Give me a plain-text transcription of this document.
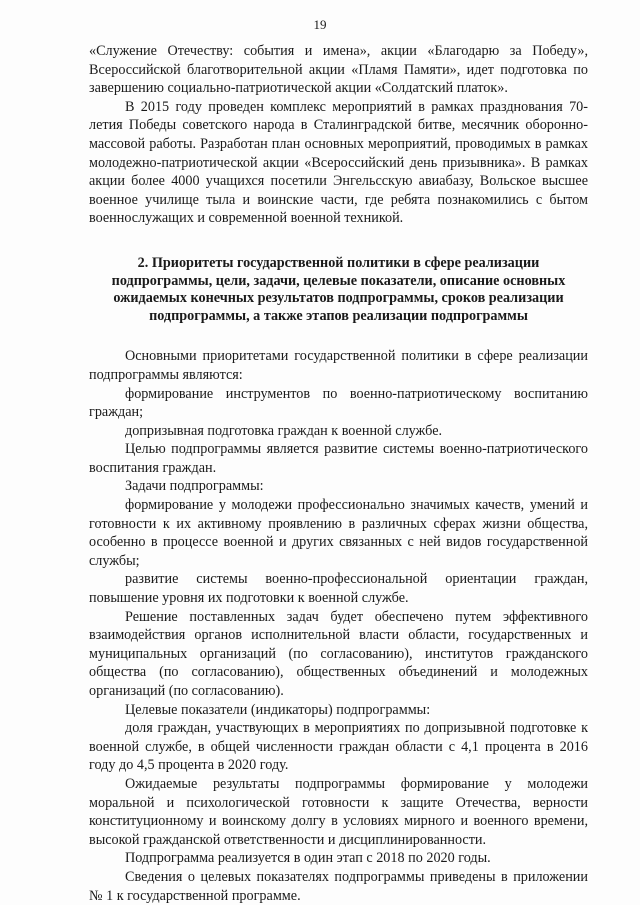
19

«Служение Отечеству: события и имена», акции «Благодарю за Победу», Всероссийской благотворительной акции «Пламя Памяти», идет подготовка по завершению социально-патриотической акции «Солдатский платок».

В 2015 году проведен комплекс мероприятий в рамках празднования 70-летия Победы советского народа в Сталинградской битве, месячник оборонно-массовой работы. Разработан план основных мероприятий, проводимых в рамках молодежно-патриотической акции «Всероссийский день призывника». В рамках акции более 4000 учащихся посетили Энгельсскую авиабазу, Вольское высшее военное училище тыла и воинские части, где ребята познакомились с бытом военнослужащих и современной военной техникой.

2. Приоритеты государственной политики в сфере реализации подпрограммы, цели, задачи, целевые показатели, описание основных ожидаемых конечных результатов подпрограммы, сроков реализации подпрограммы, а также этапов реализации подпрограммы

Основными приоритетами государственной политики в сфере реализации подпрограммы являются:

формирование инструментов по военно-патриотическому воспитанию граждан;

допризывная подготовка граждан к военной службе.

Целью подпрограммы является развитие системы военно-патриотического воспитания граждан.

Задачи подпрограммы:

формирование у молодежи профессионально значимых качеств, умений и готовности к их активному проявлению в различных сферах жизни общества, особенно в процессе военной и других связанных с ней видов государственной службы;

развитие системы военно-профессиональной ориентации граждан, повышение уровня их подготовки к военной службе.

Решение поставленных задач будет обеспечено путем эффективного взаимодействия органов исполнительной власти области, государственных и муниципальных организаций (по согласованию), институтов гражданского общества (по согласованию), общественных объединений и молодежных организаций (по согласованию).

Целевые показатели (индикаторы) подпрограммы:

доля граждан, участвующих в мероприятиях по допризывной подготовке к военной службе, в общей численности граждан области с 4,1 процента в 2016 году до 4,5 процента в 2020 году.

Ожидаемые результаты подпрограммы формирование у молодежи моральной и психологической готовности к защите Отечества, верности конституционному и воинскому долгу в условиях мирного и военного времени, высокой гражданской ответственности и дисциплинированности.

Подпрограмма реализуется в один этап с 2018 по 2020 годы.

Сведения о целевых показателях подпрограммы приведены в приложении № 1 к государственной программе.
